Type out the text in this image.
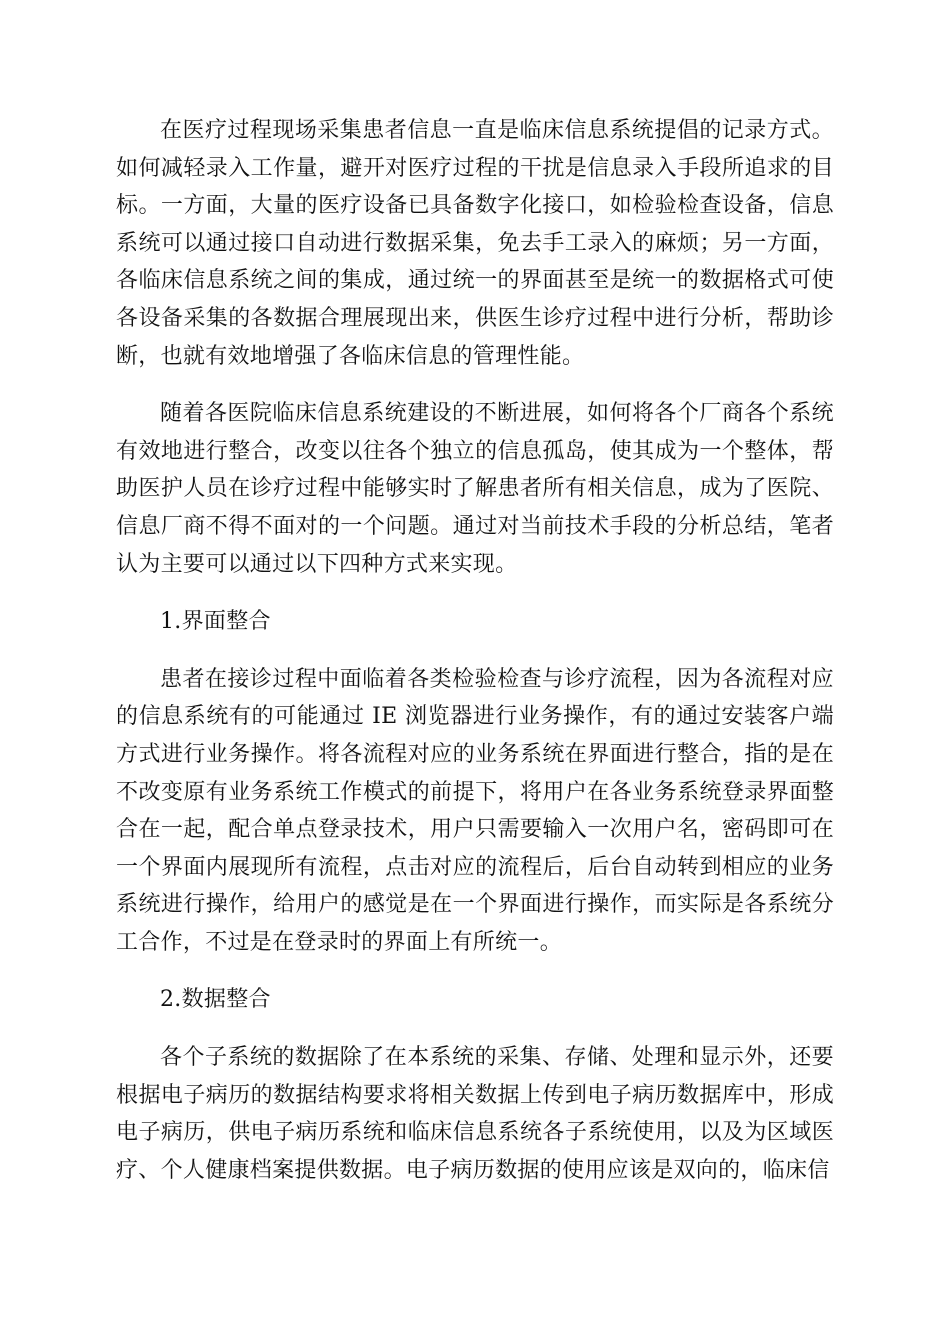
在医疗过程现场采集患者信息一直是临床信息系统提倡的记录方式。如何减轻录入工作量，避开对医疗过程的干扰是信息录入手段所追求的目标。一方面，大量的医疗设备已具备数字化接口，如检验检查设备，信息系统可以通过接口自动进行数据采集，免去手工录入的麻烦；另一方面，各临床信息系统之间的集成，通过统一的界面甚至是统一的数据格式可使各设备采集的各数据合理展现出来，供医生诊疗过程中进行分析，帮助诊断，也就有效地增强了各临床信息的管理性能。

随着各医院临床信息系统建设的不断进展，如何将各个厂商各个系统有效地进行整合，改变以往各个独立的信息孤岛，使其成为一个整体，帮助医护人员在诊疗过程中能够实时了解患者所有相关信息，成为了医院、信息厂商不得不面对的一个问题。通过对当前技术手段的分析总结，笔者认为主要可以通过以下四种方式来实现。

1.界面整合

患者在接诊过程中面临着各类检验检查与诊疗流程，因为各流程对应的信息系统有的可能通过 IE 浏览器进行业务操作，有的通过安装客户端方式进行业务操作。将各流程对应的业务系统在界面进行整合，指的是在不改变原有业务系统工作模式的前提下，将用户在各业务系统登录界面整合在一起，配合单点登录技术，用户只需要输入一次用户名，密码即可在一个界面内展现所有流程，点击对应的流程后，后台自动转到相应的业务系统进行操作，给用户的感觉是在一个界面进行操作，而实际是各系统分工合作，不过是在登录时的界面上有所统一。

2.数据整合

各个子系统的数据除了在本系统的采集、存储、处理和显示外，还要根据电子病历的数据结构要求将相关数据上传到电子病历数据库中，形成电子病历，供电子病历系统和临床信息系统各子系统使用，以及为区域医疗、个人健康档案提供数据。电子病历数据的使用应该是双向的，临床信
